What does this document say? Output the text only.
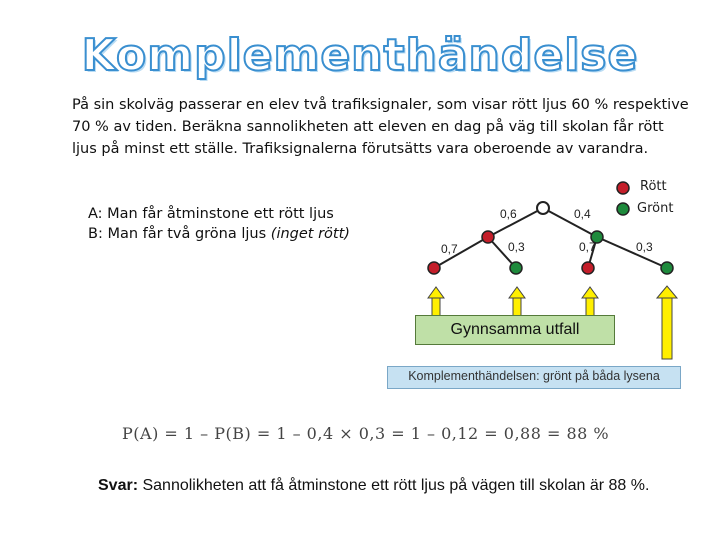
Komplementhändelse
På sin skolväg passerar en elev två trafiksignaler, som visar rött ljus 60 % respektive 70 % av tiden. Beräkna sannolikheten att eleven en dag på väg till skolan får rött ljus på minst ett ställe. Trafiksignalerna förutsätts vara oberoende av varandra.
A: Man får åtminstone ett rött ljus
B: Man får två gröna ljus (inget rött)
0,6	0,4
0,7	0,3	0,7	0,3
Rött
Grönt
Gynnsamma utfall
Komplementhändelsen: grönt på båda lysena
P(A) = 1 – P(B) = 1 – 0,4 × 0,3 = 1 – 0,12 = 0,88 = 88 %
Svar: Sannolikheten att få åtminstone ett rött ljus på vägen till skolan är 88 %.
